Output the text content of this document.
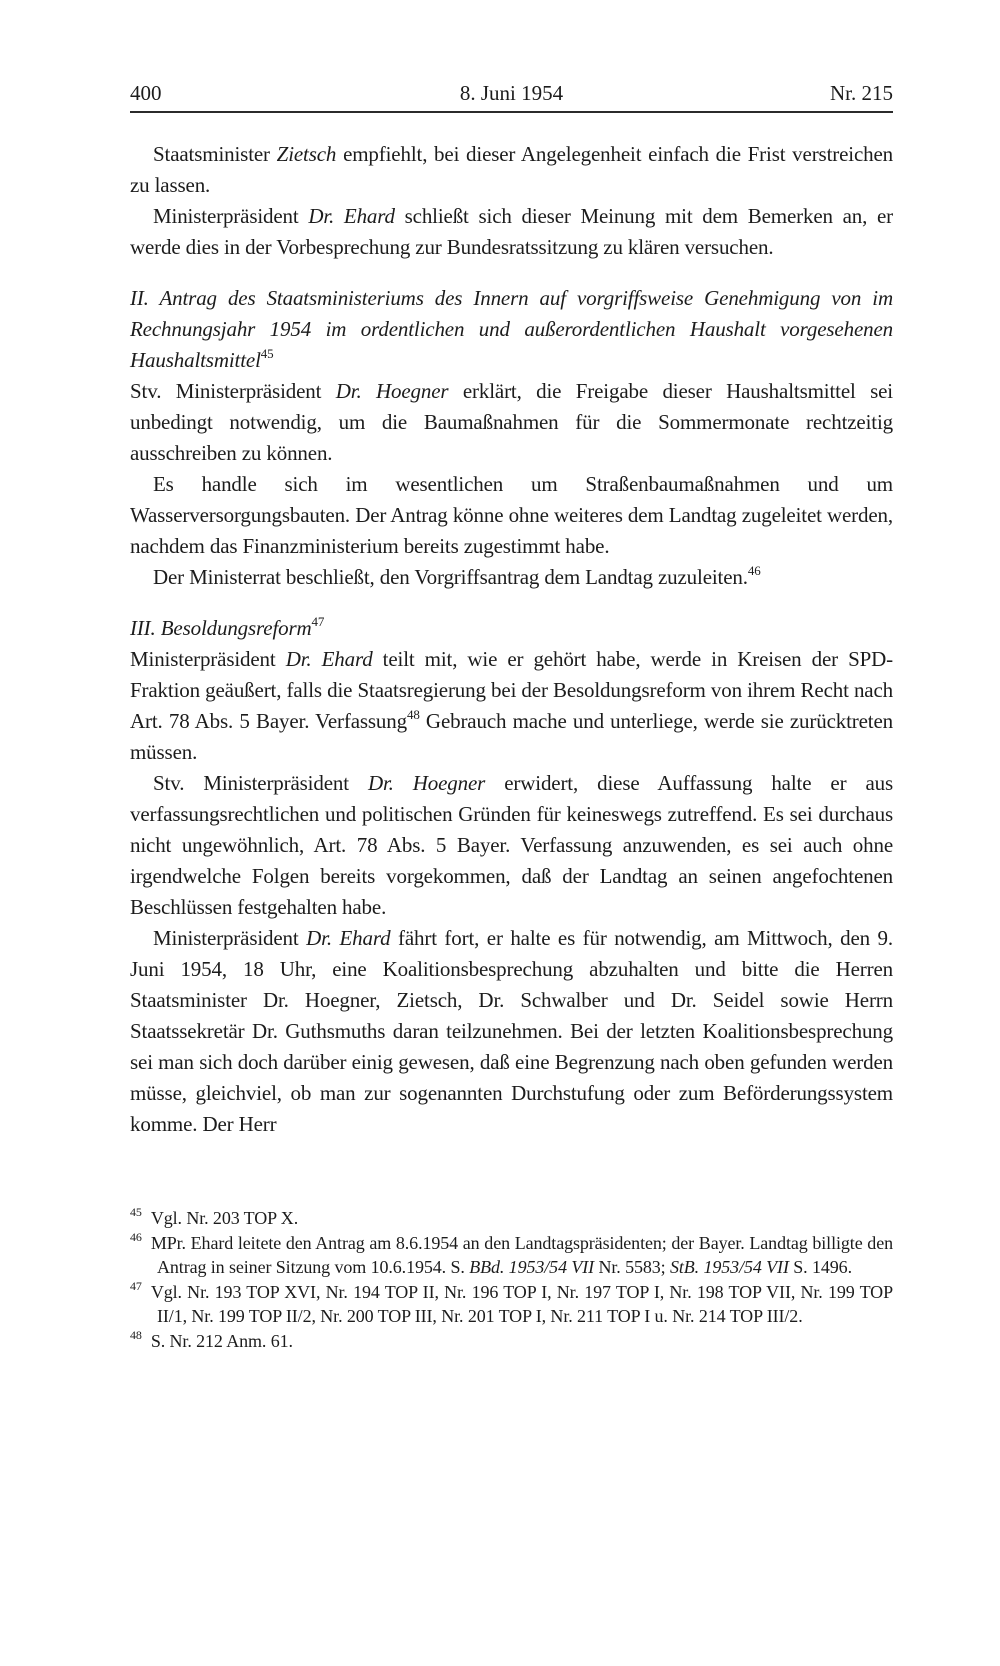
400	8. Juni 1954	Nr. 215

Staatsminister Zietsch empfiehlt, bei dieser Angelegenheit einfach die Frist verstreichen zu lassen.

Ministerpräsident Dr. Ehard schließt sich dieser Meinung mit dem Bemerken an, er werde dies in der Vorbesprechung zur Bundesratssitzung zu klären versuchen.

II. Antrag des Staatsministeriums des Innern auf vorgriffsweise Genehmigung von im Rechnungsjahr 1954 im ordentlichen und außerordentlichen Haushalt vorgesehenen Haushaltsmittel$^{45}$

Stv. Ministerpräsident Dr. Hoegner erklärt, die Freigabe dieser Haushaltsmittel sei unbedingt notwendig, um die Baumaßnahmen für die Sommermonate rechtzeitig ausschreiben zu können.

Es handle sich im wesentlichen um Straßenbaumaßnahmen und um Wasserversorgungsbauten. Der Antrag könne ohne weiteres dem Landtag zugeleitet werden, nachdem das Finanzministerium bereits zugestimmt habe.

Der Ministerrat beschließt, den Vorgriffsantrag dem Landtag zuzuleiten.$^{46}$

III. Besoldungsreform$^{47}$

Ministerpräsident Dr. Ehard teilt mit, wie er gehört habe, werde in Kreisen der SPD-Fraktion geäußert, falls die Staatsregierung bei der Besoldungsreform von ihrem Recht nach Art. 78 Abs. 5 Bayer. Verfassung$^{48}$ Gebrauch mache und unterliege, werde sie zurücktreten müssen.

Stv. Ministerpräsident Dr. Hoegner erwidert, diese Auffassung halte er aus verfassungsrechtlichen und politischen Gründen für keineswegs zutreffend. Es sei durchaus nicht ungewöhnlich, Art. 78 Abs. 5 Bayer. Verfassung anzuwenden, es sei auch ohne irgendwelche Folgen bereits vorgekommen, daß der Landtag an seinen angefochtenen Beschlüssen festgehalten habe.

Ministerpräsident Dr. Ehard fährt fort, er halte es für notwendig, am Mittwoch, den 9. Juni 1954, 18 Uhr, eine Koalitionsbesprechung abzuhalten und bitte die Herren Staatsminister Dr. Hoegner, Zietsch, Dr. Schwalber und Dr. Seidel sowie Herrn Staatssekretär Dr. Guthsmuths daran teilzunehmen. Bei der letzten Koalitionsbesprechung sei man sich doch darüber einig gewesen, daß eine Begrenzung nach oben gefunden werden müsse, gleichviel, ob man zur sogenannten Durchstufung oder zum Beförderungssystem komme. Der Herr

$^{45}$ Vgl. Nr. 203 TOP X.
$^{46}$ MPr. Ehard leitete den Antrag am 8.6.1954 an den Landtagspräsidenten; der Bayer. Landtag billigte den Antrag in seiner Sitzung vom 10.6.1954. S. BBd. 1953/54 VII Nr. 5583; StB. 1953/54 VII S. 1496.
$^{47}$ Vgl. Nr. 193 TOP XVI, Nr. 194 TOP II, Nr. 196 TOP I, Nr. 197 TOP I, Nr. 198 TOP VII, Nr. 199 TOP II/1, Nr. 199 TOP II/2, Nr. 200 TOP III, Nr. 201 TOP I, Nr. 211 TOP I u. Nr. 214 TOP III/2.
$^{48}$ S. Nr. 212 Anm. 61.
